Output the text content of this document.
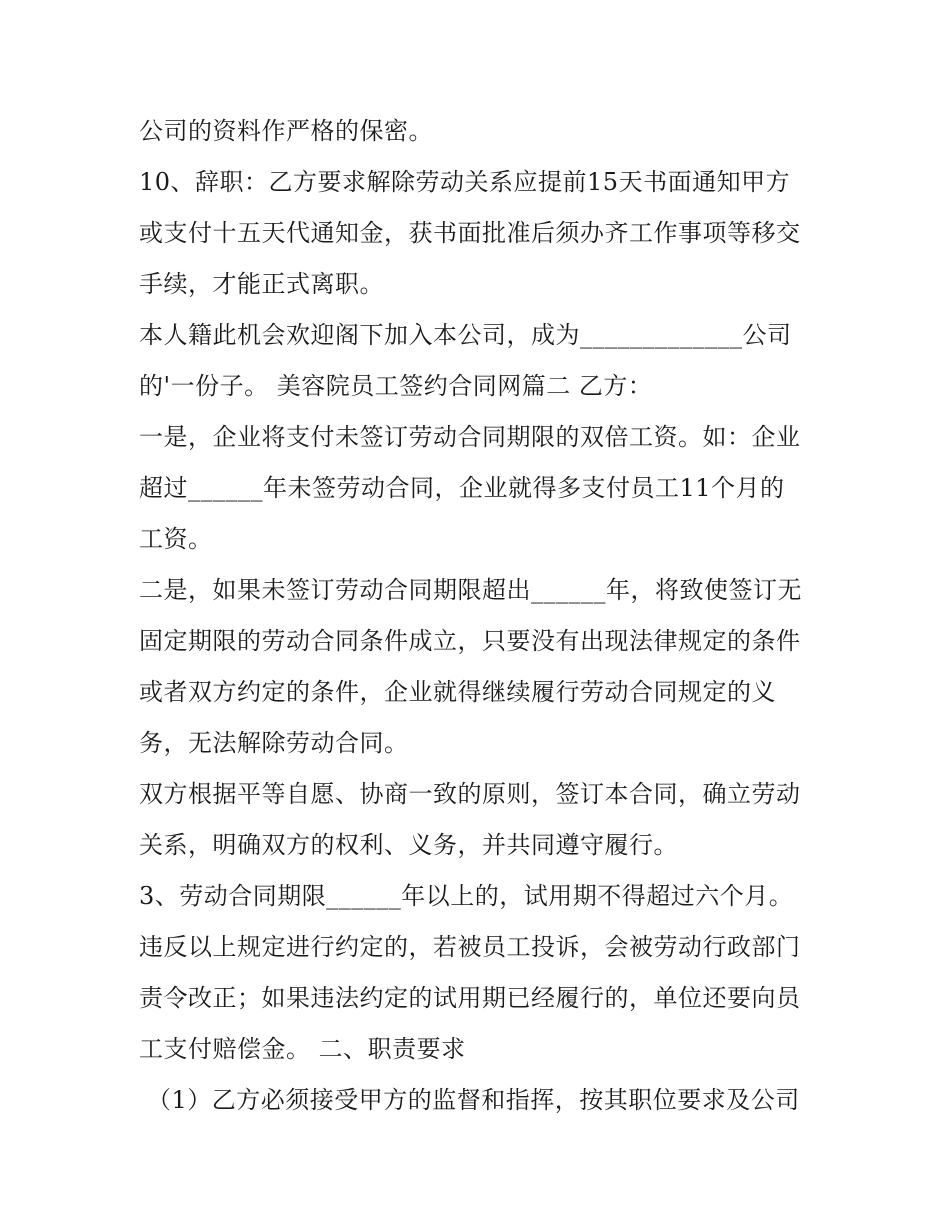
公司的资料作严格的保密。
10、辞职：乙方要求解除劳动关系应提前15天书面通知甲方
或支付十五天代通知金，获书面批准后须办齐工作事项等移交
手续，才能正式离职。
本人籍此机会欢迎阁下加入本公司，成为_____________公司
的'一份子。 美容院员工签约合同网篇二 乙方：
一是，企业将支付未签订劳动合同期限的双倍工资。如：企业
超过______年未签劳动合同，企业就得多支付员工11个月的
工资。
二是，如果未签订劳动合同期限超出______年，将致使签订无
固定期限的劳动合同条件成立，只要没有出现法律规定的条件
或者双方约定的条件，企业就得继续履行劳动合同规定的义
务，无法解除劳动合同。
双方根据平等自愿、协商一致的原则，签订本合同，确立劳动
关系，明确双方的权利、义务，并共同遵守履行。
3、劳动合同期限______年以上的，试用期不得超过六个月。
违反以上规定进行约定的，若被员工投诉，会被劳动行政部门
责令改正；如果违法约定的试用期已经履行的，单位还要向员
工支付赔偿金。 二、职责要求
（1）乙方必须接受甲方的监督和指挥，按其职位要求及公司
